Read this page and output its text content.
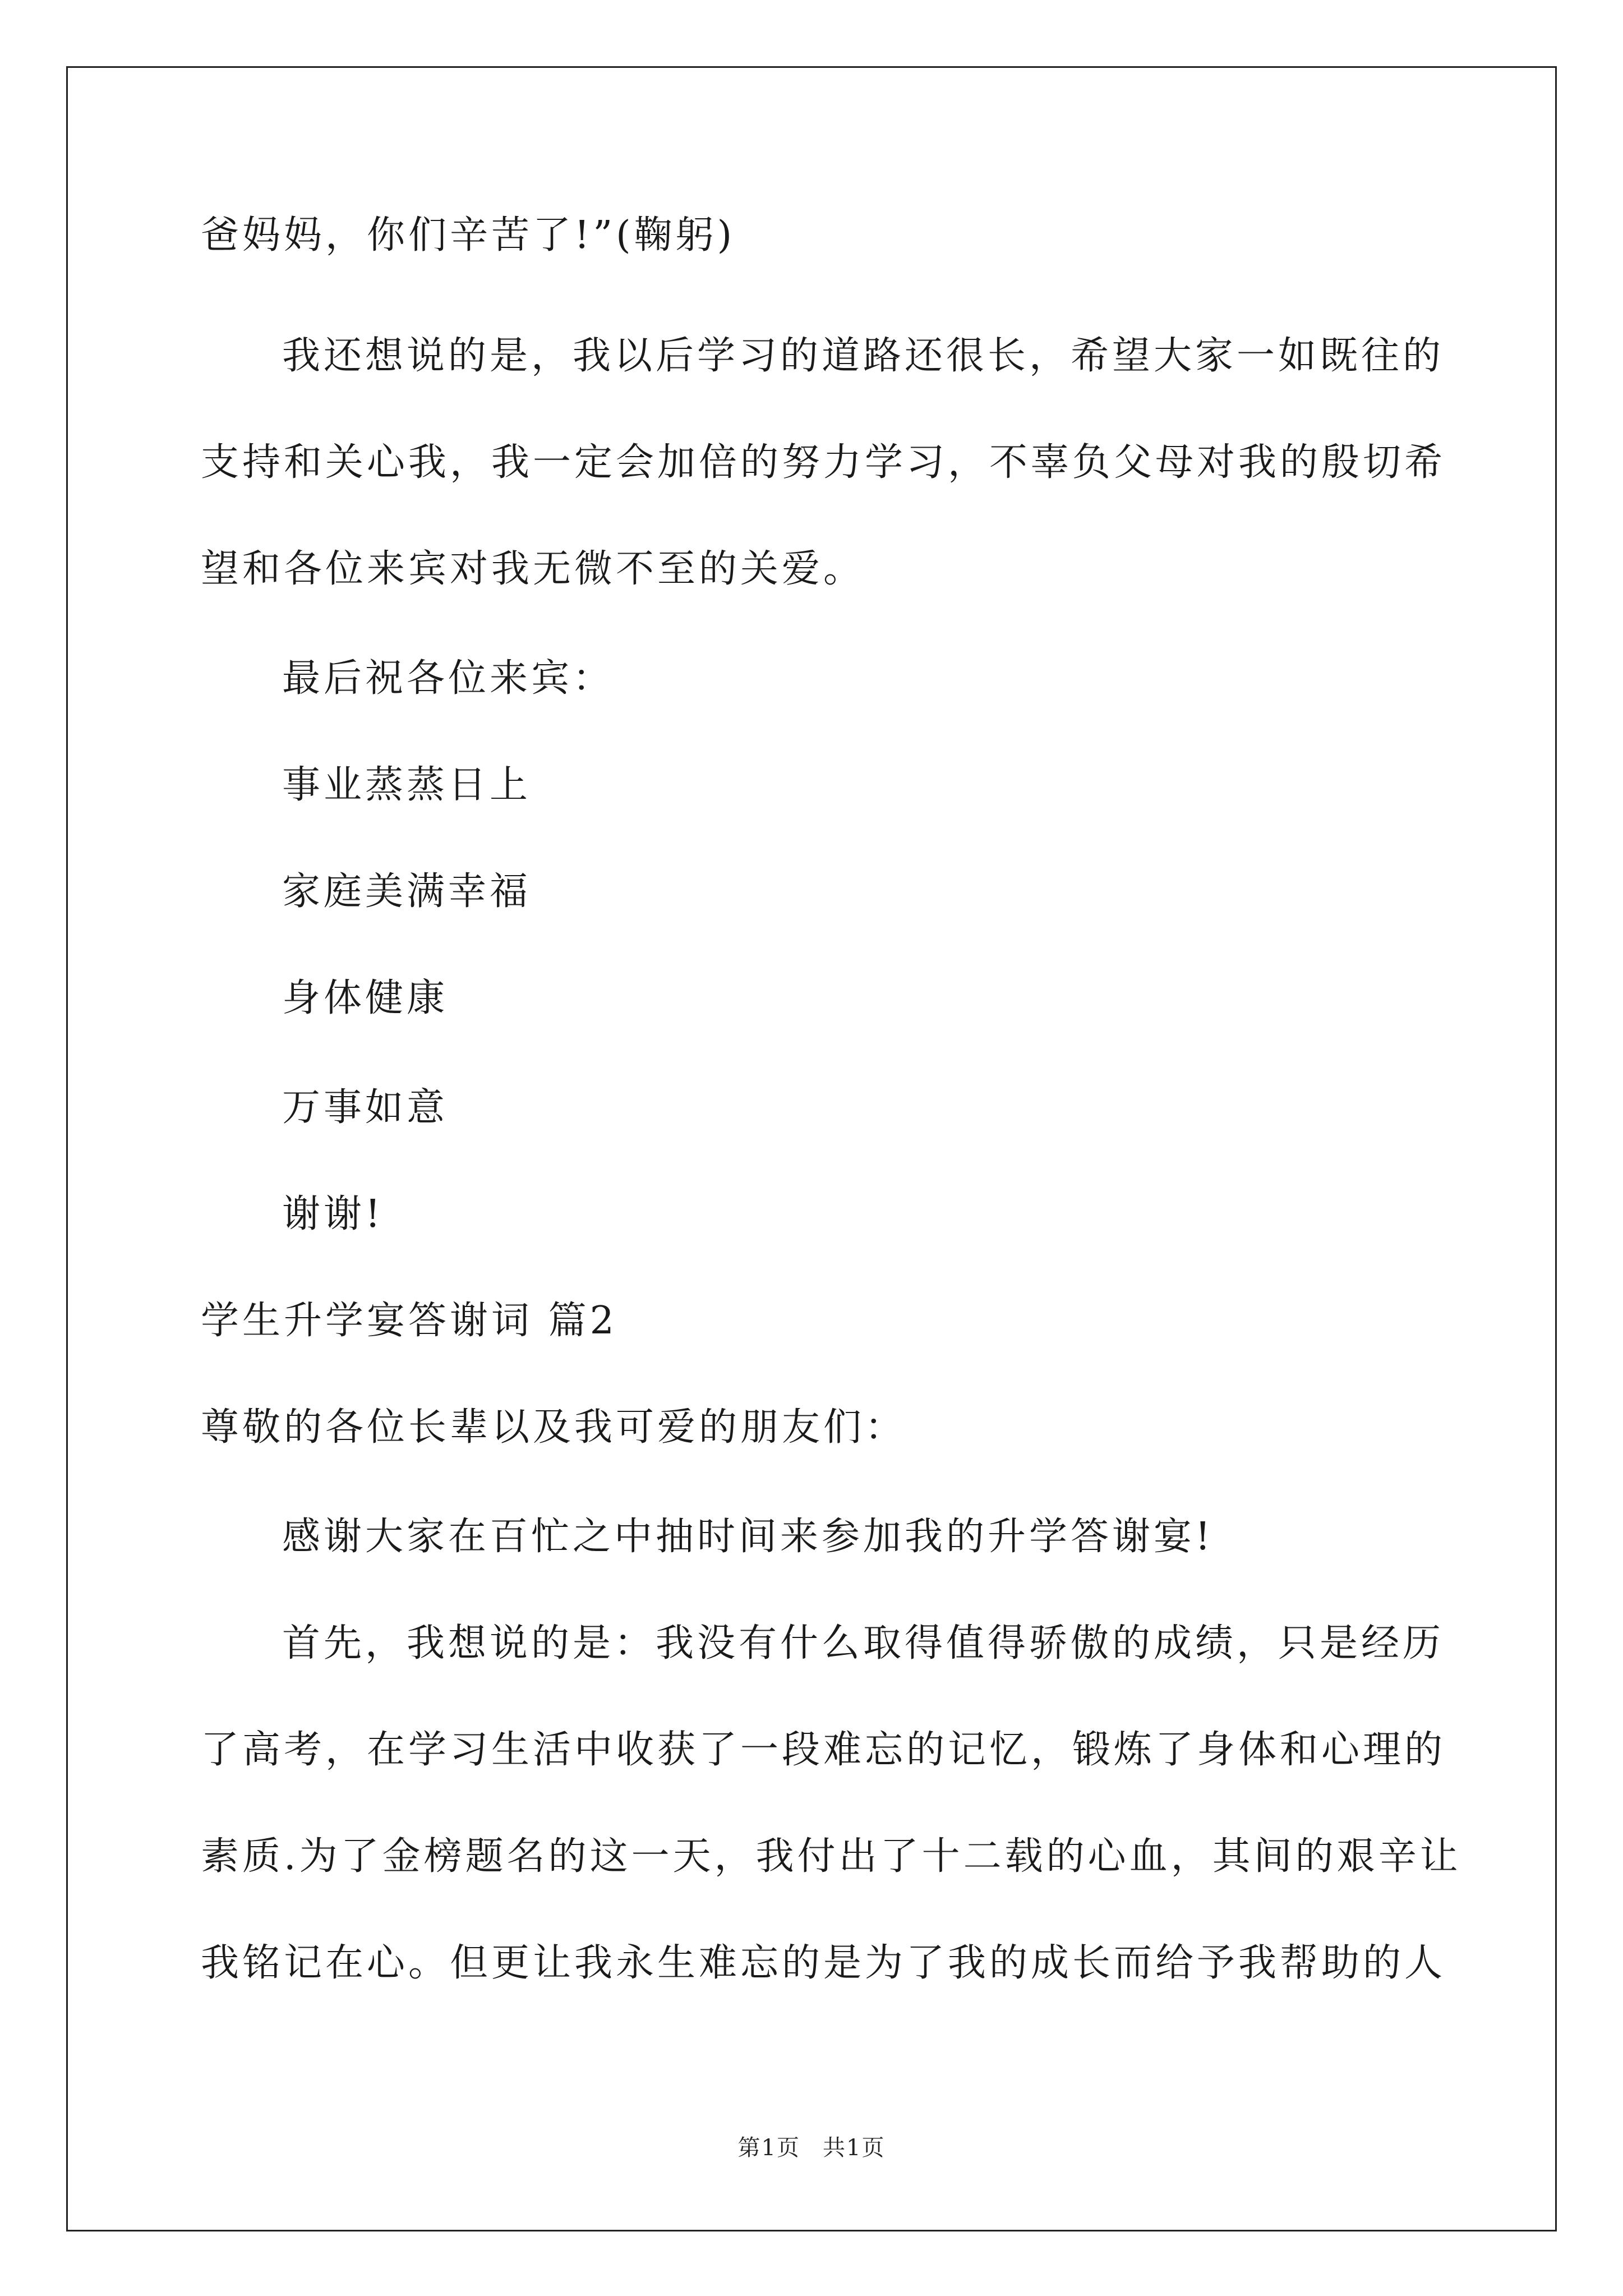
爸妈妈，你们辛苦了!”(鞠躬)
我还想说的是，我以后学习的道路还很长，希望大家一如既往的
支持和关心我，我一定会加倍的努力学习，不辜负父母对我的殷切希
望和各位来宾对我无微不至的关爱。
最后祝各位来宾：
事业蒸蒸日上
家庭美满幸福
身体健康
万事如意
谢谢!
学生升学宴答谢词 篇2
尊敬的各位长辈以及我可爱的朋友们：
感谢大家在百忙之中抽时间来参加我的升学答谢宴!
首先，我想说的是：我没有什么取得值得骄傲的成绩，只是经历
了高考，在学习生活中收获了一段难忘的记忆，锻炼了身体和心理的
素质.为了金榜题名的这一天，我付出了十二载的心血，其间的艰辛让
我铭记在心。但更让我永生难忘的是为了我的成长而给予我帮助的人
第1页 共1页
